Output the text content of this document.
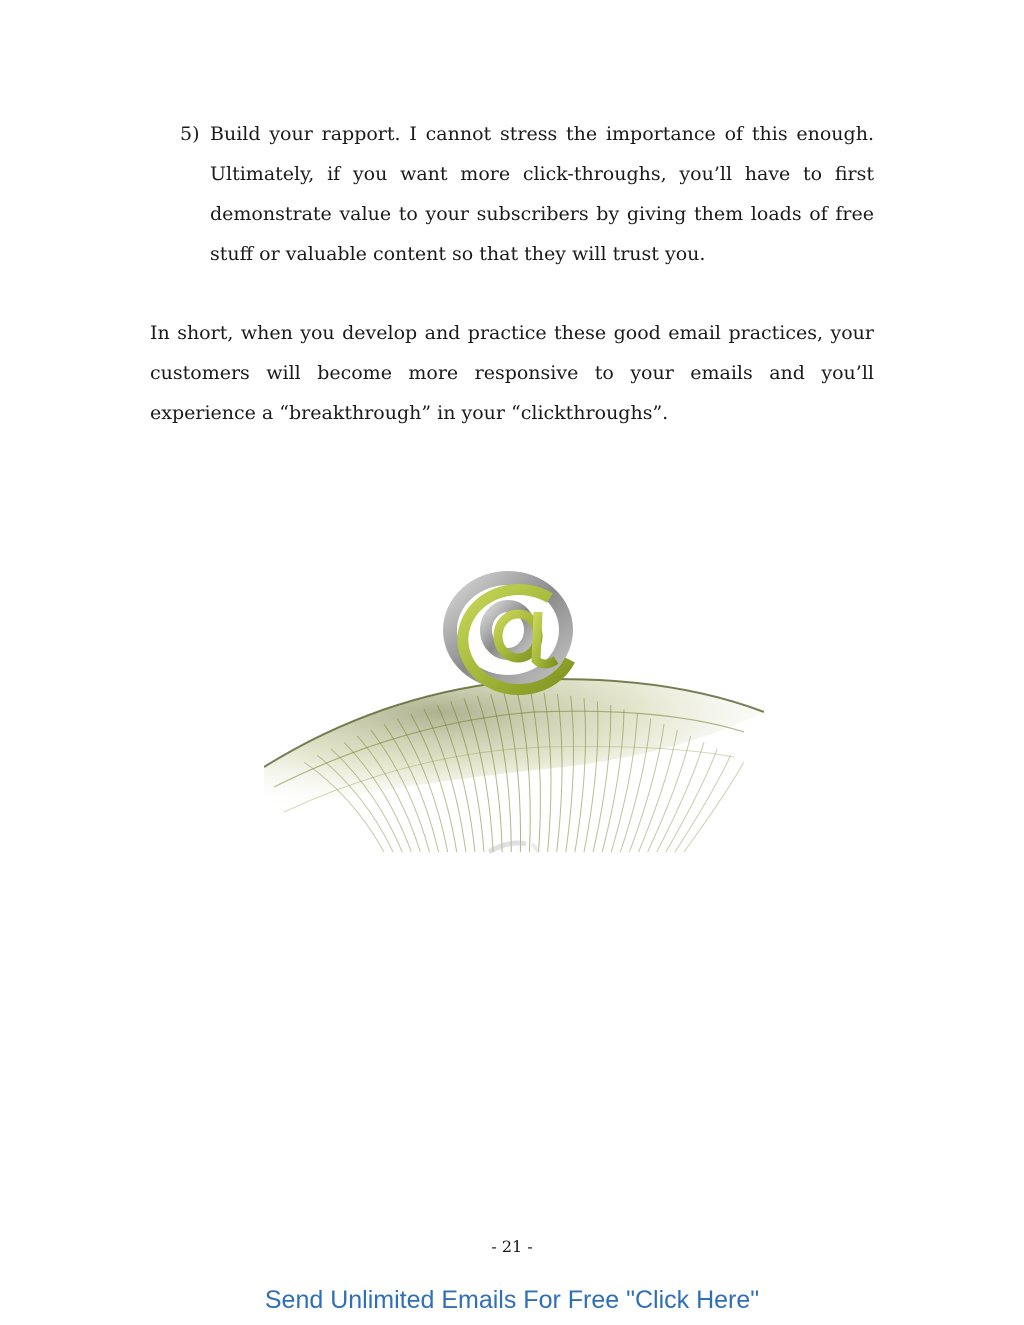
5) Build your rapport. I cannot stress the importance of this enough. Ultimately, if you want more click-throughs, you’ll have to first demonstrate value to your subscribers by giving them loads of free stuff or valuable content so that they will trust you.

In short, when you develop and practice these good email practices, your customers will become more responsive to your emails and you’ll experience a “breakthrough” in your “clickthroughs”.

- 21 -
Send Unlimited Emails For Free "Click Here"
